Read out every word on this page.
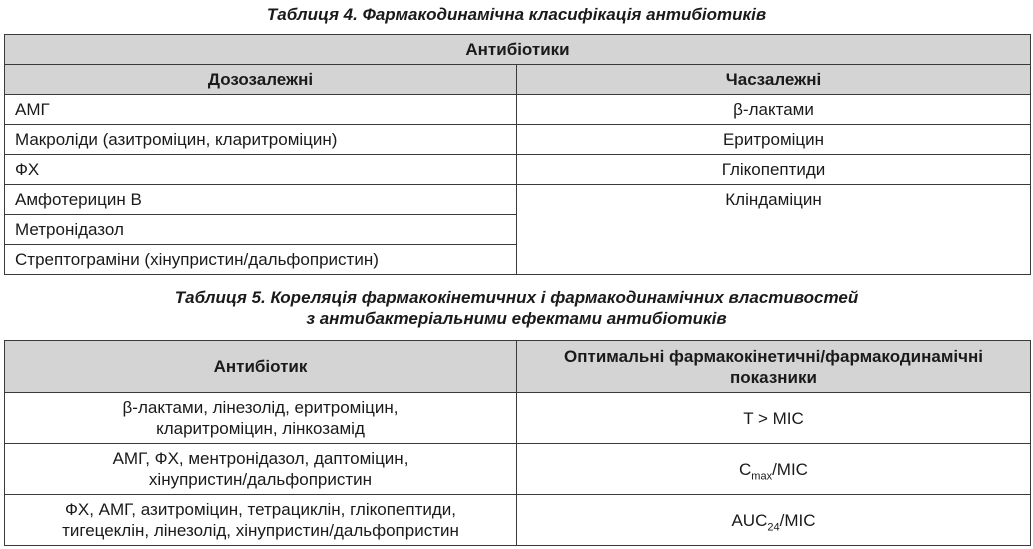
Таблиця 4. Фармакодинамічна класифікація антибіотиків
Антибіотики	
Дозозалежні	Часзалежні
АМГ	β-лактами
Макроліди (азитроміцин, кларитроміцин)	Еритроміцин
ФХ	Глікопептиди
Амфотерицин В	Кліндаміцин
Метронідазол	
Стрептограміни (хінупристин/дальфопристин)	
Таблиця 5. Кореляція фармакокінетичних і фармакодинамічних властивостей
з антибактеріальними ефектами антибіотиків
Антибіотик	Оптимальні фармакокінетичні/фармакодинамічні
показники
β-лактами, лінезолід, еритроміцин,
кларитроміцин, лінкозамід	T > MIC
АМГ, ФХ, ментронідазол, даптоміцин,
хінупристин/дальфопристин	$C_{max}$/MIC
ФХ, АМГ, азитроміцин, тетрациклін, глікопептиди,
тигецеклін, лінезолід, хінупристин/дальфопристин	$AUC_{24}$/MIC
